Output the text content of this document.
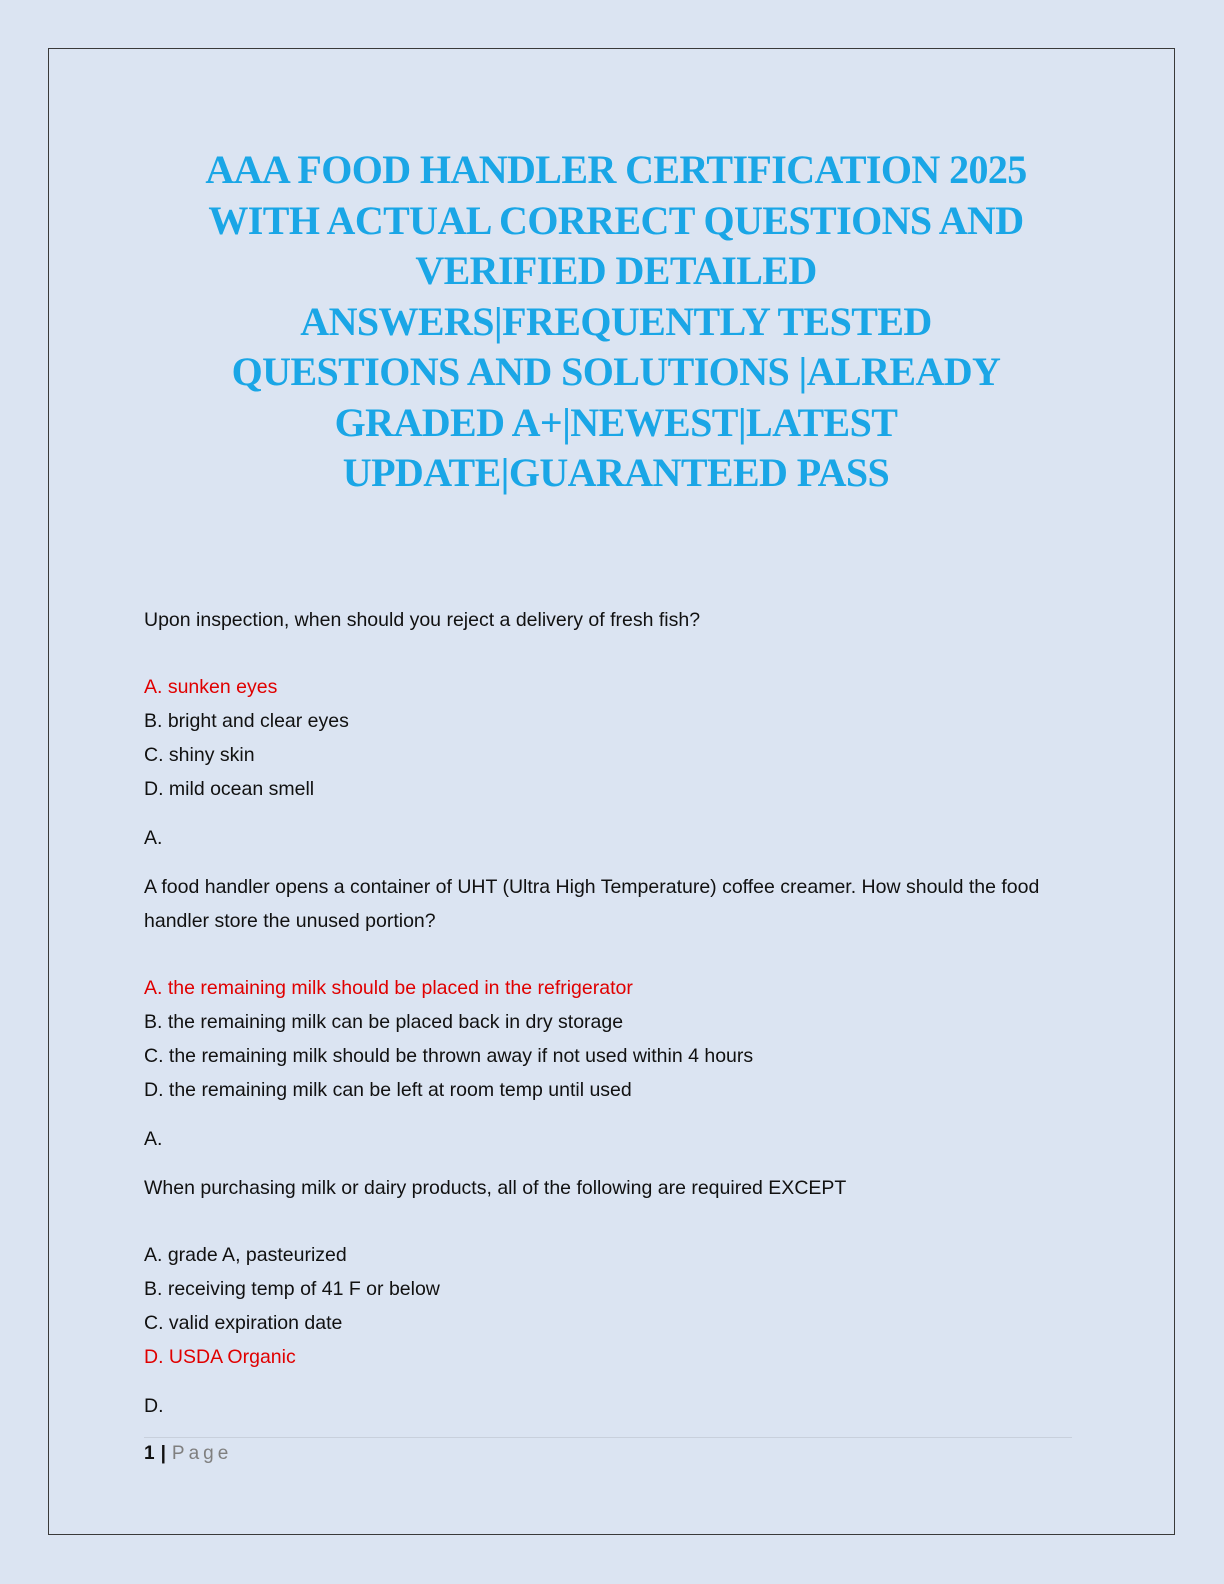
AAA FOOD HANDLER CERTIFICATION 2025
WITH ACTUAL CORRECT QUESTIONS AND
VERIFIED DETAILED
ANSWERS|FREQUENTLY TESTED
QUESTIONS AND SOLUTIONS |ALREADY
GRADED A+|NEWEST|LATEST
UPDATE|GUARANTEED PASS

Upon inspection, when should you reject a delivery of fresh fish?

A. sunken eyes

B. bright and clear eyes

C. shiny skin

D. mild ocean smell

A.

A food handler opens a container of UHT (Ultra High Temperature) coffee creamer. How should the food handler store the unused portion?

A. the remaining milk should be placed in the refrigerator

B. the remaining milk can be placed back in dry storage

C. the remaining milk should be thrown away if not used within 4 hours

D. the remaining milk can be left at room temp until used

A.

When purchasing milk or dairy products, all of the following are required EXCEPT

A. grade A, pasteurized

B. receiving temp of 41 F or below

C. valid expiration date

D. USDA Organic

D.

1 | Page
